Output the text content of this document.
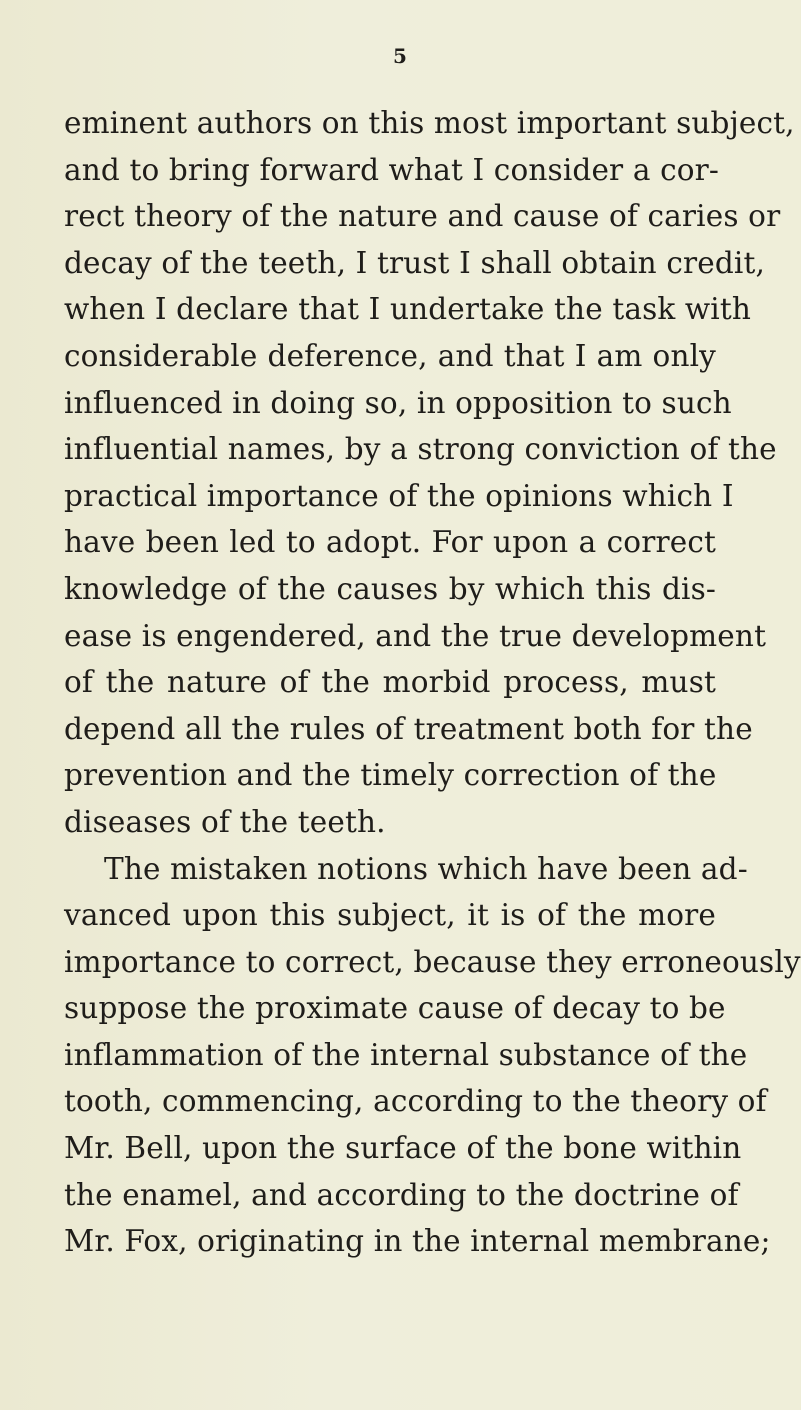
5
eminent authors on this most important subject,
and to bring forward what I consider a cor-
rect theory of the nature and cause of caries or
decay of the teeth, I trust I shall obtain credit,
when I declare that I undertake the task with
considerable deference, and that I am only
influenced in doing so, in opposition to such
influential names, by a strong conviction of the
practical importance of the opinions which I
have been led to adopt. For upon a correct
knowledge of the causes by which this dis-
ease is engendered, and the true development
of the nature of the morbid process, must
depend all the rules of treatment both for the
prevention and the timely correction of the
diseases of the teeth.
The mistaken notions which have been ad-
vanced upon this subject, it is of the more
importance to correct, because they erroneously
suppose the proximate cause of decay to be
inflammation of the internal substance of the
tooth, commencing, according to the theory of
Mr. Bell, upon the surface of the bone within
the enamel, and according to the doctrine of
Mr. Fox, originating in the internal membrane;
